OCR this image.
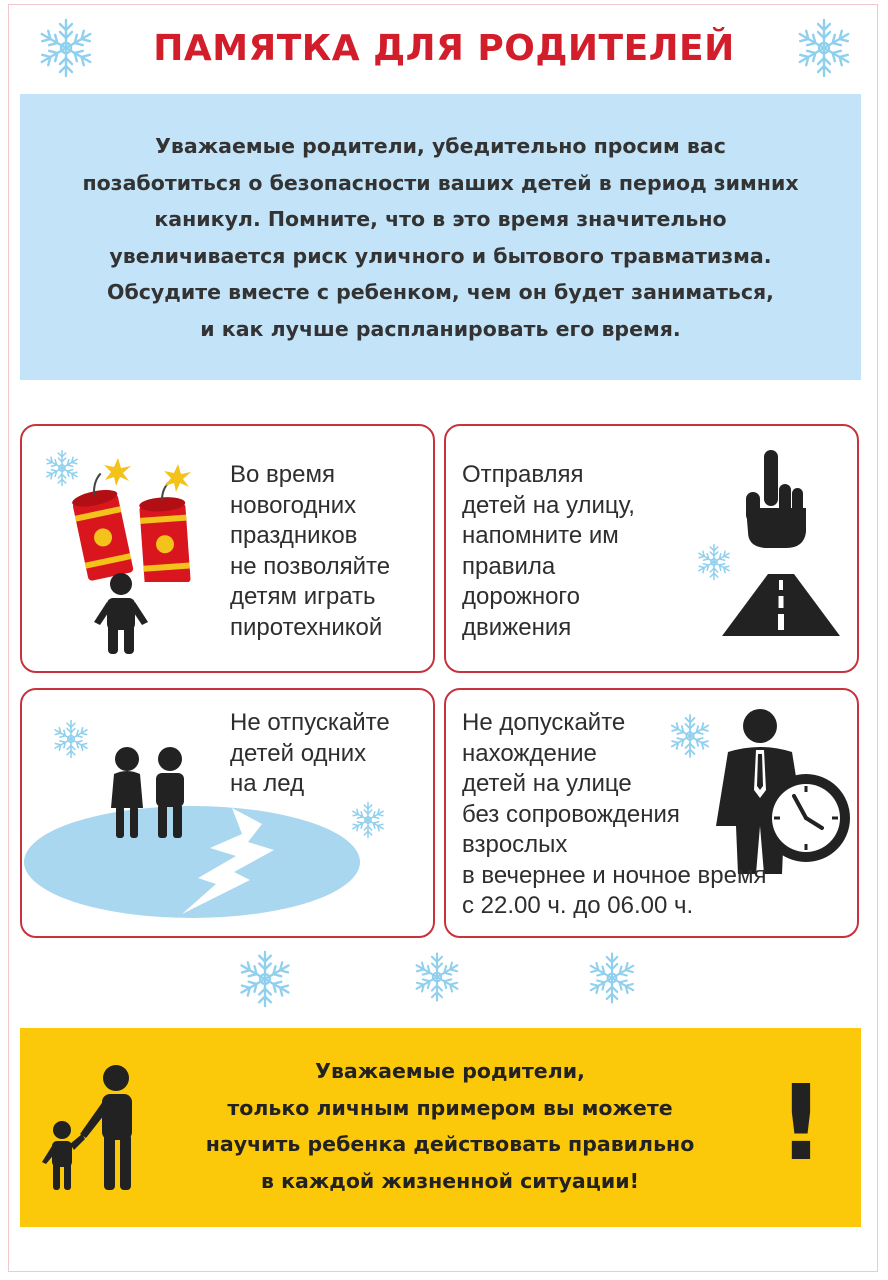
ПАМЯТКА ДЛЯ РОДИТЕЛЕЙ
Уважаемые родители, убедительно просим вас
позаботиться о безопасности ваших детей в период зимних
каникул. Помните, что в это время значительно
увеличивается риск уличного и бытового травматизма.
Обсудите вместе с ребенком, чем он будет заниматься,
и как лучше распланировать его время.
Во время
новогодних
праздников
не позволяйте
детям играть
пиротехникой
Отправляя
детей на улицу,
напомните им
правила
дорожного
движения
Не отпускайте
детей одних
на лед
Не допускайте
нахождение
детей на улице
без сопровождения
взрослых
в вечернее и ночное время
с 22.00 ч. до 06.00 ч.
Уважаемые родители,
только личным примером вы можете
научить ребенка действовать правильно
в каждой жизненной ситуации!	!
